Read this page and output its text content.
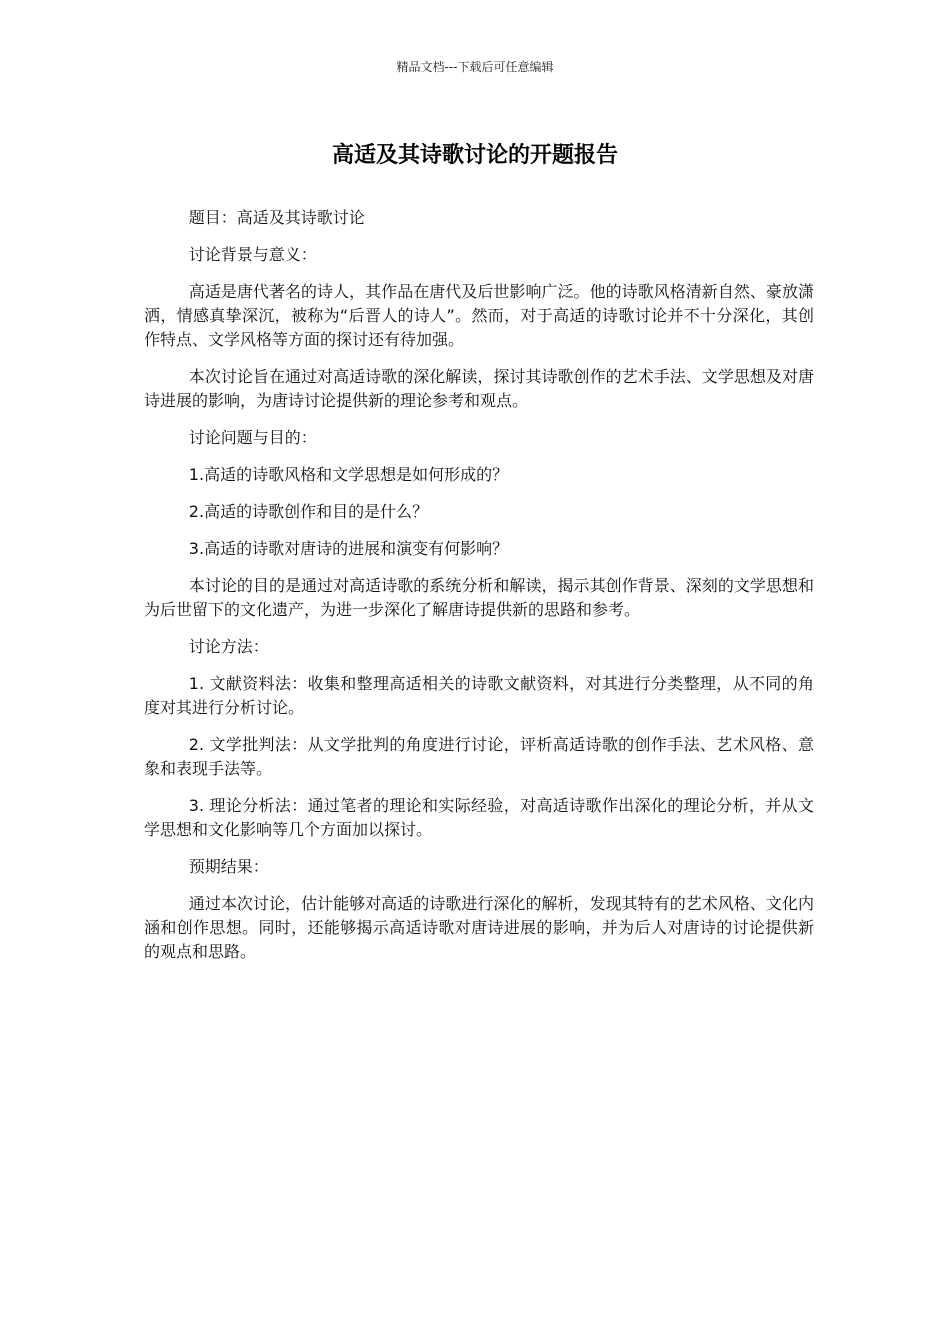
精品文档---下载后可任意编辑
高适及其诗歌讨论的开题报告

题目：高适及其诗歌讨论

讨论背景与意义：

高适是唐代著名的诗人，其作品在唐代及后世影响广泛。他的诗歌风格清新自然、豪放潇洒，情感真挚深沉，被称为“后晋人的诗人”。然而，对于高适的诗歌讨论并不十分深化，其创作特点、文学风格等方面的探讨还有待加强。

本次讨论旨在通过对高适诗歌的深化解读，探讨其诗歌创作的艺术手法、文学思想及对唐诗进展的影响，为唐诗讨论提供新的理论参考和观点。

讨论问题与目的：

1.高适的诗歌风格和文学思想是如何形成的？

2.高适的诗歌创作和目的是什么？

3.高适的诗歌对唐诗的进展和演变有何影响？

本讨论的目的是通过对高适诗歌的系统分析和解读，揭示其创作背景、深刻的文学思想和为后世留下的文化遗产，为进一步深化了解唐诗提供新的思路和参考。

讨论方法：

1. 文献资料法：收集和整理高适相关的诗歌文献资料，对其进行分类整理，从不同的角度对其进行分析讨论。

2. 文学批判法：从文学批判的角度进行讨论，评析高适诗歌的创作手法、艺术风格、意象和表现手法等。

3. 理论分析法：通过笔者的理论和实际经验，对高适诗歌作出深化的理论分析，并从文学思想和文化影响等几个方面加以探讨。

预期结果：

通过本次讨论，估计能够对高适的诗歌进行深化的解析，发现其特有的艺术风格、文化内涵和创作思想。同时，还能够揭示高适诗歌对唐诗进展的影响，并为后人对唐诗的讨论提供新的观点和思路。
